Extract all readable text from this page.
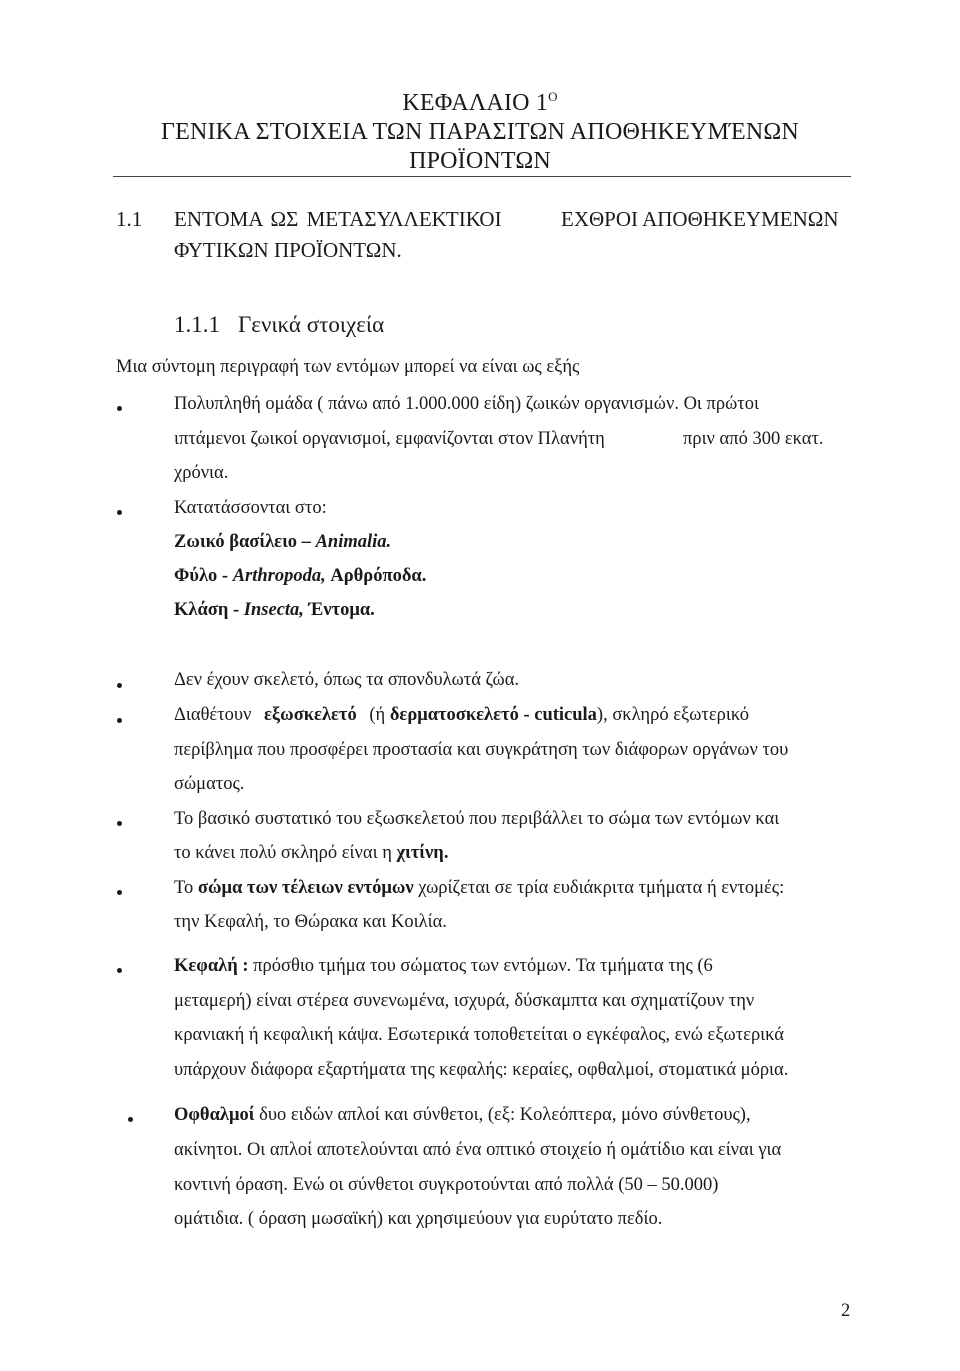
ΚΕΦΑΛΑΙΟ $1^O$
ΓΕΝΙΚΑ ΣΤΟΙΧΕΙΑ ΤΩΝ ΠΑΡΑΣΙΤΩΝ ΑΠΟΘΗΚΕΥΜΈΝΩΝ
ΠΡΟΪΟΝΤΩΝ
1.1 ΕΝΤΟΜΑ ΩΣ ΜΕΤΑΣΥΛΛΕΚΤΙΚΟΙ	ΕΧΘΡΟΙ ΑΠΟΘΗΚΕΥΜΕΝΩΝ
ΦΥΤΙΚΩΝ ΠΡΟΪΟΝΤΩΝ.
1.1.1 Γενικά στοιχεία
Μια σύντομη περιγραφή των εντόμων μπορεί να είναι ως εξής
Πολυπληθή ομάδα ( πάνω από 1.000.000 είδη) ζωικών οργανισμών. Οι πρώτοι
ιπτάμενοι ζωικοί οργανισμοί, εμφανίζονται στον Πλανήτη	πριν από 300 εκατ.
χρόνια.
Κατατάσσονται στο:
Ζωικό βασίλειο – Animalia.
Φύλο - Arthropoda, Αρθρόποδα.
Κλάση - Insecta, Έντομα.
Δεν έχουν σκελετό, όπως τα σπονδυλωτά ζώα.
Διαθέτουν εξωσκελετό (ή δερματοσκελετό - cuticula), σκληρό εξωτερικό
περίβλημα που προσφέρει προστασία και συγκράτηση των διάφορων οργάνων του
σώματος.
Το βασικό συστατικό του εξωσκελετού που περιβάλλει το σώμα των εντόμων και
το κάνει πολύ σκληρό είναι η χιτίνη.
Το σώμα των τέλειων εντόμων χωρίζεται σε τρία ευδιάκριτα τμήματα ή εντομές:
την Κεφαλή, το Θώρακα και Κοιλία.
Κεφαλή : πρόσθιο τμήμα του σώματος των εντόμων. Τα τμήματα της (6
μεταμερή) είναι στέρεα συνενωμένα, ισχυρά, δύσκαμπτα και σχηματίζουν την
κρανιακή ή κεφαλική κάψα. Εσωτερικά τοποθετείται ο εγκέφαλος, ενώ εξωτερικά
υπάρχουν διάφορα εξαρτήματα της κεφαλής: κεραίες, οφθαλμοί, στοματικά μόρια.
Οφθαλμοί δυο ειδών απλοί και σύνθετοι, (εξ: Κολεόπτερα, μόνο σύνθετους),
ακίνητοι. Οι απλοί αποτελούνται από ένα οπτικό στοιχείο ή ομάτίδιο και είναι για
κοντινή όραση. Ενώ οι σύνθετοι συγκροτούνται από πολλά (50 – 50.000)
ομάτιδια. ( όραση μωσαϊκή) και χρησιμεύουν για ευρύτατο πεδίο.
2
